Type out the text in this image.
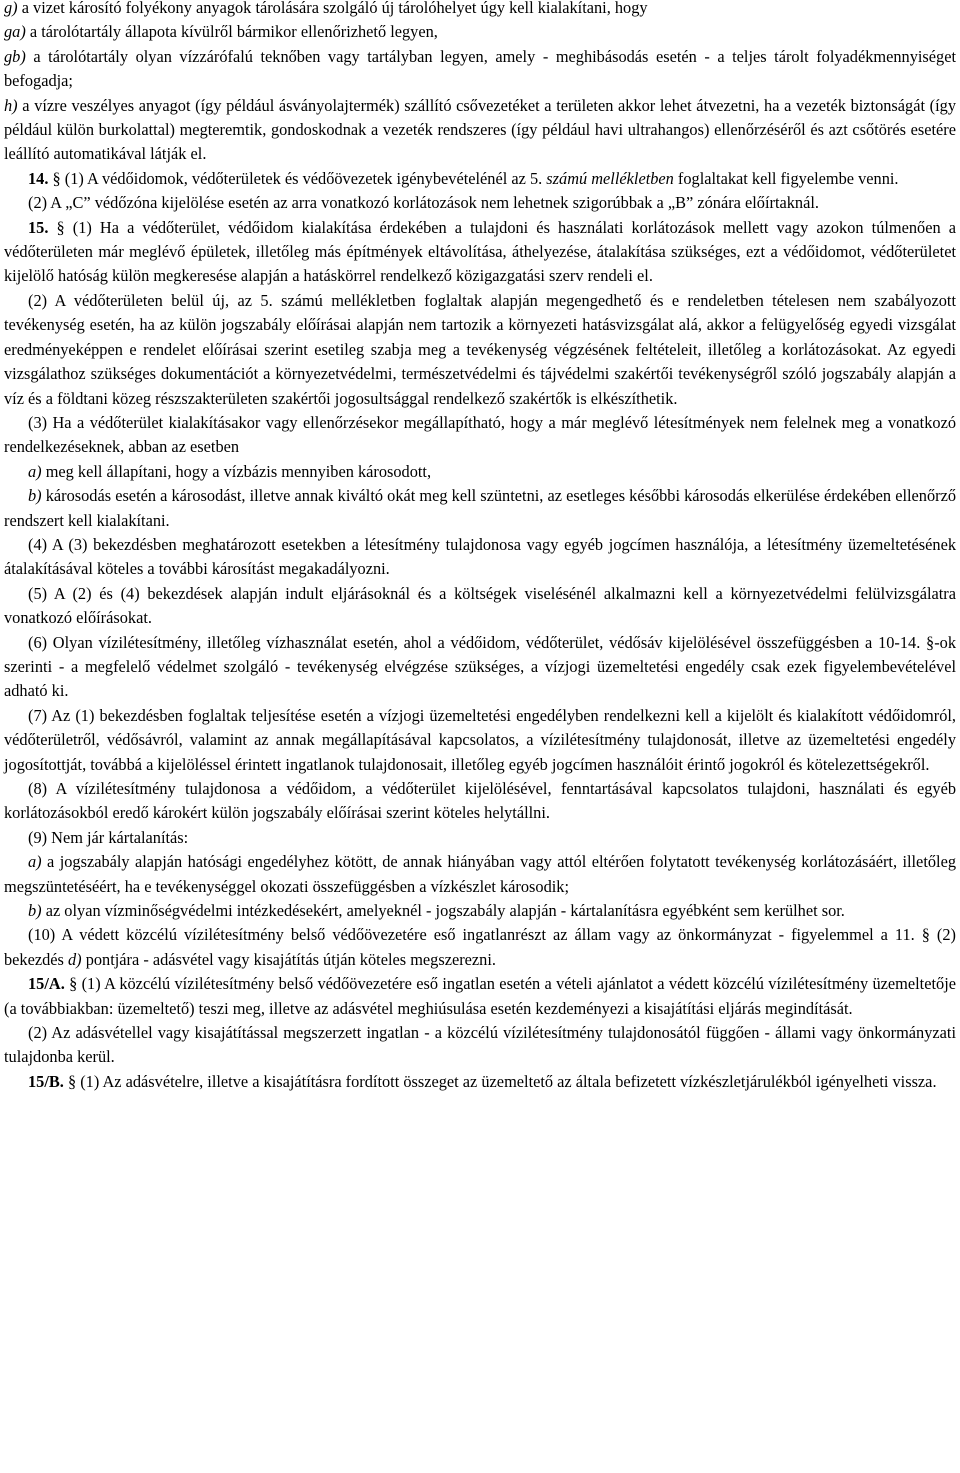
g) a vizet károsító folyékony anyagok tárolására szolgáló új tárolóhelyet úgy kell kialakítani, hogy

ga) a tárolótartály állapota kívülről bármikor ellenőrizhető legyen,

gb) a tárolótartály olyan vízzárófalú teknőben vagy tartályban legyen, amely - meghibásodás esetén - a teljes tárolt folyadékmennyiséget befogadja;

h) a vízre veszélyes anyagot (így például ásványolajtermék) szállító csővezetéket a területen akkor lehet átvezetni, ha a vezeték biztonságát (így például külön burkolattal) megteremtik, gondoskodnak a vezeték rendszeres (így például havi ultrahangos) ellenőrzéséről és azt csőtörés esetére leállító automatikával látják el.

14. § (1) A védőidomok, védőterületek és védőövezetek igénybevételénél az 5. számú mellékletben foglaltakat kell figyelembe venni.

(2) A „C” védőzóna kijelölése esetén az arra vonatkozó korlátozások nem lehetnek szigorúbbak a „B” zónára előírtaknál.

15. § (1) Ha a védőterület, védőidom kialakítása érdekében a tulajdoni és használati korlátozások mellett vagy azokon túlmenően a védőterületen már meglévő épületek, illetőleg más építmények eltávolítása, áthelyezése, átalakítása szükséges, ezt a védőidomot, védőterületet kijelölő hatóság külön megkeresése alapján a hatáskörrel rendelkező közigazgatási szerv rendeli el.

(2) A védőterületen belül új, az 5. számú mellékletben foglaltak alapján megengedhető és e rendeletben tételesen nem szabályozott tevékenység esetén, ha az külön jogszabály előírásai alapján nem tartozik a környezeti hatásvizsgálat alá, akkor a felügyelőség egyedi vizsgálat eredményeképpen e rendelet előírásai szerint esetileg szabja meg a tevékenység végzésének feltételeit, illetőleg a korlátozásokat. Az egyedi vizsgálathoz szükséges dokumentációt a környezetvédelmi, természetvédelmi és tájvédelmi szakértői tevékenységről szóló jogszabály alapján a víz és a földtani közeg részszakterületen szakértői jogosultsággal rendelkező szakértők is elkészíthetik.

(3) Ha a védőterület kialakításakor vagy ellenőrzésekor megállapítható, hogy a már meglévő létesítmények nem felelnek meg a vonatkozó rendelkezéseknek, abban az esetben

a) meg kell állapítani, hogy a vízbázis mennyiben károsodott,

b) károsodás esetén a károsodást, illetve annak kiváltó okát meg kell szüntetni, az esetleges későbbi károsodás elkerülése érdekében ellenőrző rendszert kell kialakítani.

(4) A (3) bekezdésben meghatározott esetekben a létesítmény tulajdonosa vagy egyéb jogcímen használója, a létesítmény üzemeltetésének átalakításával köteles a további károsítást megakadályozni.

(5) A (2) és (4) bekezdések alapján indult eljárásoknál és a költségek viselésénél alkalmazni kell a környezetvédelmi felülvizsgálatra vonatkozó előírásokat.

(6) Olyan vízilétesítmény, illetőleg vízhasználat esetén, ahol a védőidom, védőterület, védősáv kijelölésével összefüggésben a 10-14. §-ok szerinti - a megfelelő védelmet szolgáló - tevékenység elvégzése szükséges, a vízjogi üzemeltetési engedély csak ezek figyelembevételével adható ki.

(7) Az (1) bekezdésben foglaltak teljesítése esetén a vízjogi üzemeltetési engedélyben rendelkezni kell a kijelölt és kialakított védőidomról, védőterületről, védősávról, valamint az annak megállapításával kapcsolatos, a vízilétesítmény tulajdonosát, illetve az üzemeltetési engedély jogosítottját, továbbá a kijelöléssel érintett ingatlanok tulajdonosait, illetőleg egyéb jogcímen használóit érintő jogokról és kötelezettségekről.

(8) A vízilétesítmény tulajdonosa a védőidom, a védőterület kijelölésével, fenntartásával kapcsolatos tulajdoni, használati és egyéb korlátozásokból eredő károkért külön jogszabály előírásai szerint köteles helytállni.

(9) Nem jár kártalanítás:

a) a jogszabály alapján hatósági engedélyhez kötött, de annak hiányában vagy attól eltérően folytatott tevékenység korlátozásáért, illetőleg megszüntetéséért, ha e tevékenységgel okozati összefüggésben a vízkészlet károsodik;

b) az olyan vízminőségvédelmi intézkedésekért, amelyeknél - jogszabály alapján - kártalanításra egyébként sem kerülhet sor.

(10) A védett közcélú vízilétesítmény belső védőövezetére eső ingatlanrészt az állam vagy az önkormányzat - figyelemmel a 11. § (2) bekezdés d) pontjára - adásvétel vagy kisajátítás útján köteles megszerezni.

15/A. § (1) A közcélú vízilétesítmény belső védőövezetére eső ingatlan esetén a vételi ajánlatot a védett közcélú vízilétesítmény üzemeltetője (a továbbiakban: üzemeltető) teszi meg, illetve az adásvétel meghiúsulása esetén kezdeményezi a kisajátítási eljárás megindítását.

(2) Az adásvétellel vagy kisajátítással megszerzett ingatlan - a közcélú vízilétesítmény tulajdonosától függően - állami vagy önkormányzati tulajdonba kerül.

15/B. § (1) Az adásvételre, illetve a kisajátításra fordított összeget az üzemeltető az általa befizetett vízkészletjárulékból igényelheti vissza.
